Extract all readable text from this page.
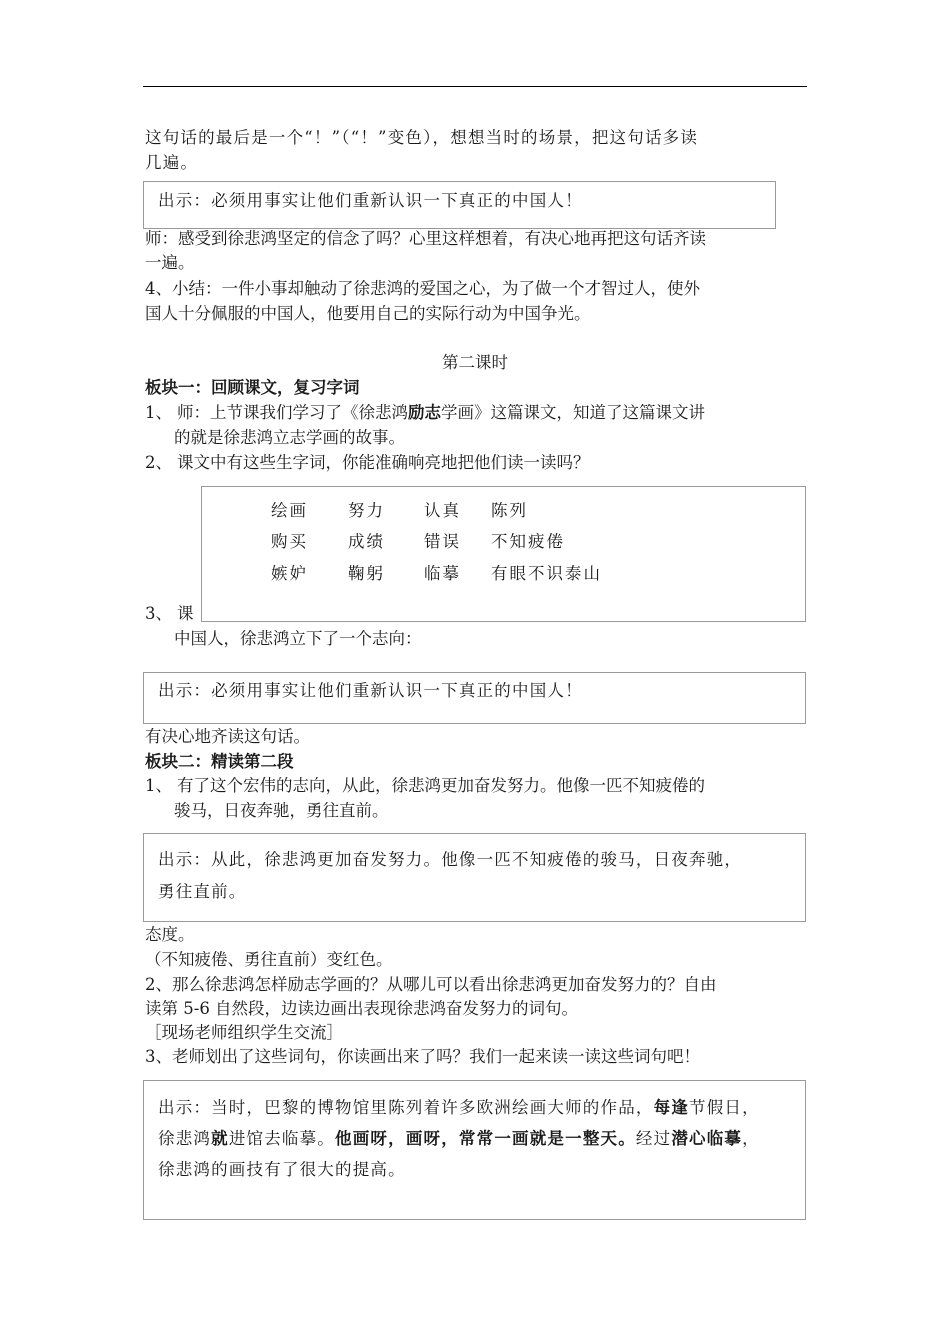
这句话的最后是一个“！”（“！”变色），想想当时的场景，把这句话多读
几遍。
出示：必须用事实让他们重新认识一下真正的中国人！
师：感受到徐悲鸿坚定的信念了吗？心里这样想着，有决心地再把这句话齐读
一遍。
4、小结：一件小事却触动了徐悲鸿的爱国之心，为了做一个才智过人，使外
国人十分佩服的中国人，他要用自己的实际行动为中国争光。
第二课时
板块一：回顾课文，复习字词
1、 师：上节课我们学习了《徐悲鸿励志学画》这篇课文，知道了这篇课文讲
的就是徐悲鸿立志学画的故事。
2、 课文中有这些生字词，你能准确响亮地把他们读一读吗？
3、 课
中国人，徐悲鸿立下了一个志向：
绘画 努力 认真 陈列
购买 成绩 错误 不知疲倦
嫉妒 鞠躬 临摹 有眼不识泰山
出示：必须用事实让他们重新认识一下真正的中国人！
有决心地齐读这句话。
板块二：精读第二段
1、 有了这个宏伟的志向，从此，徐悲鸿更加奋发努力。他像一匹不知疲倦的
骏马，日夜奔驰，勇往直前。
出示：从此，徐悲鸿更加奋发努力。他像一匹不知疲倦的骏马，日夜奔驰，
勇往直前。
态度。
（不知疲倦、勇往直前）变红色。
2、那么徐悲鸿怎样励志学画的？从哪儿可以看出徐悲鸿更加奋发努力的？自由
读第 5-6 自然段，边读边画出表现徐悲鸿奋发努力的词句。
［现场老师组织学生交流］
3、老师划出了这些词句，你读画出来了吗？我们一起来读一读这些词句吧！
出示：当时，巴黎的博物馆里陈列着许多欧洲绘画大师的作品，每逢节假日，
徐悲鸿就进馆去临摹。他画呀，画呀，常常一画就是一整天。经过潜心临摹，
徐悲鸿的画技有了很大的提高。
